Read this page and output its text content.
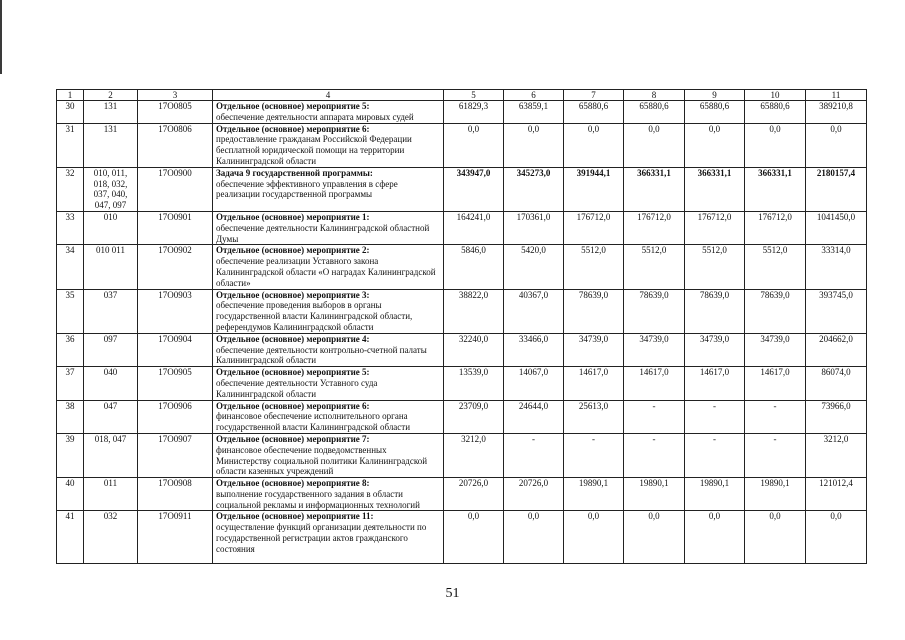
1	2	3	4	5	6	7	8	9	10	11
30	131	17О0805	Отдельное (основное) мероприятие 5:
обеспечение деятельности аппарата мировых судей	61829,3	63859,1	65880,6	65880,6	65880,6	65880,6	389210,8
31	131	17О0806	Отдельное (основное) мероприятие 6:
предоставление гражданам Российской Федерации бесплатной юридической помощи на территории Калининградской области	0,0	0,0	0,0	0,0	0,0	0,0	0,0
32	010, 011, 018, 032, 037, 040, 047, 097	17О0900	Задача 9 государственной программы:
обеспечение эффективного управления в сфере реализации государственной программы	343947,0	345273,0	391944,1	366331,1	366331,1	366331,1	2180157,4
33	010	17О0901	Отдельное (основное) мероприятие 1:
обеспечение деятельности Калининградской областной Думы	164241,0	170361,0	176712,0	176712,0	176712,0	176712,0	1041450,0
34	010 011	17О0902	Отдельное (основное) мероприятие 2:
обеспечение реализации Уставного закона Калининградской области «О наградах Калининградской области»	5846,0	5420,0	5512,0	5512,0	5512,0	5512,0	33314,0
35	037	17О0903	Отдельное (основное) мероприятие 3:
обеспечение проведения выборов в органы государственной власти Калининградской области, референдумов Калининградской области	38822,0	40367,0	78639,0	78639,0	78639,0	78639,0	393745,0
36	097	17О0904	Отдельное (основное) мероприятие 4:
обеспечение деятельности контрольно-счетной палаты Калининградской области	32240,0	33466,0	34739,0	34739,0	34739,0	34739,0	204662,0
37	040	17О0905	Отдельное (основное) мероприятие 5:
обеспечение деятельности Уставного суда Калининградской области	13539,0	14067,0	14617,0	14617,0	14617,0	14617,0	86074,0
38	047	17О0906	Отдельное (основное) мероприятие 6:
финансовое обеспечение исполнительного органа государственной власти Калининградской области	23709,0	24644,0	25613,0	-	-	-	73966,0
39	018, 047	17О0907	Отдельное (основное) мероприятие 7:
финансовое обеспечение подведомственных Министерству социальной политики Калининградской области казенных учреждений	3212,0	-	-	-	-	-	3212,0
40	011	17О0908	Отдельное (основное) мероприятие 8:
выполнение государственного задания в области социальной рекламы и информационных технологий	20726,0	20726,0	19890,1	19890,1	19890,1	19890,1	121012,4
41	032	17О0911	Отдельное (основное) мероприятие 11:
осуществление функций организации деятельности по государственной регистрации актов гражданского состояния	0,0	0,0	0,0	0,0	0,0	0,0	0,0
51
